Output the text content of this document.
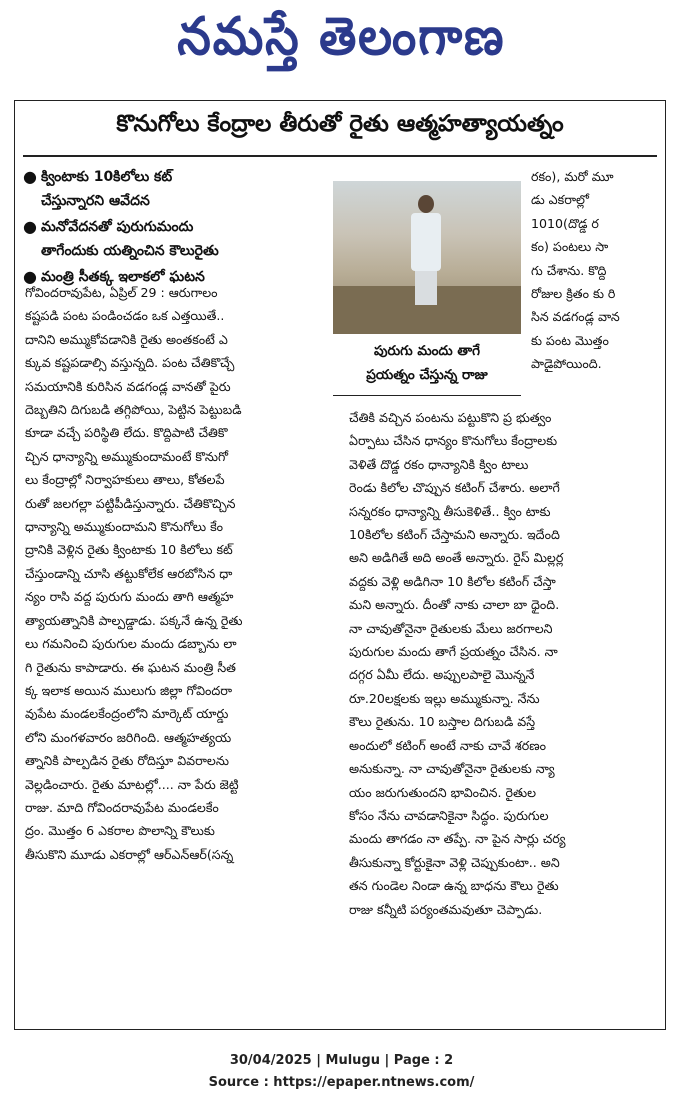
నమస్తే తెలంగాణ
కొనుగోలు కేంద్రాల తీరుతో రైతు ఆత్మహత్యాయత్నం
● క్వింటాకు 10కిలోలు కట్
చేస్తున్నారని ఆవేదన
● మనోవేదనతో పురుగుమందు
తాగేందుకు యత్నించిన కౌలురైతు
● మంత్రి సీతక్క ఇలాకలో ఘటన
పురుగు మందు తాగే
ప్రయత్నం చేస్తున్న రాజు
రకం), మరో మూ
డు ఎకరాల్లో
1010(దొడ్డ ర
కం) పంటలు సా
గు చేశాను. కొద్ది
రోజుల క్రితం కు రి
సిన వడగండ్ల వాన
కు పంట మొత్తం
పాడైపోయింది.
గోవిందరావుపేట, ఏప్రిల్ 29 : ఆరుగాలం
కష్టపడి పంట పండించడం ఒక ఎత్తయితే..
దానిని అమ్ముకోవడానికి రైతు అంతకంటే ఎ
క్కువ కష్టపడాల్సి వస్తున్నది. పంట చేతికొచ్చే
సమయానికి కురిసిన వడగండ్ల వానతో పైరు
దెబ్బతిని దిగుబడి తగ్గిపోయి, పెట్టిన పెట్టుబడి
కూడా వచ్చే పరిస్థితి లేదు. కొద్దిపాటి చేతికొ
చ్చిన ధాన్యాన్ని అమ్ముకుందామంటే కొనుగో
లు కేంద్రాల్లో నిర్వాహకులు తాలు, కోతలపే
రుతో జలగల్లా పట్టిపీడిస్తున్నారు. చేతికొచ్చిన
ధాన్యాన్ని అమ్ముకుందామని కొనుగోలు కేం
ద్రానికి వెళ్లిన రైతు క్వింటాకు 10 కిలోలు కట్
చేస్తుండాన్ని చూసి తట్టుకోలేక ఆరబోసిన ధా
న్యం రాసి వద్ద పురుగు మందు తాగి ఆత్మహ
త్యాయత్నానికి పాల్పడ్డాడు. పక్కనే ఉన్న రైతు
లు గమనించి పురుగుల మందు డబ్బాను లా
గి రైతును కాపాడారు. ఈ ఘటన మంత్రి సీత
క్క ఇలాక అయిన ములుగు జిల్లా గోవిందరా
వుపేట మండలకేంద్రంలోని మార్కెట్ యార్డు
లోని మంగళవారం జరిగింది. ఆత్మహత్యయ
త్నానికి పాల్పడిన రైతు రోదిస్తూ వివరాలను
వెల్లడించారు. రైతు మాటల్లో.... నా పేరు జెట్టి
రాజు. మాది గోవిందరావుపేట మండలకేం
ద్రం. మొత్తం 6 ఎకరాల పొలాన్ని కౌలుకు
తీసుకొని మూడు ఎకరాల్లో ఆర్ఎన్ఆర్(సన్న
చేతికి వచ్చిన పంటను పట్టుకొని ప్ర భుత్వం
ఏర్పాటు చేసిన ధాన్యం కొనుగోలు కేంద్రాలకు
వెళితే దొడ్డ రకం ధాన్యానికి క్విం టాలు
రెండు కిలోల చొప్పున కటింగ్ చేశారు. అలాగే
సన్నరకం ధాన్యాన్ని తీసుకెళితే.. క్విం టాకు
10కిలోల కటింగ్ చేస్తామని అన్నారు. ఇదేంది
అని అడిగితే అది అంతే అన్నారు. రైస్ మిల్లర్ల
వద్దకు వెళ్లి అడిగినా 10 కిలోల కటింగ్ చేస్తా
మని అన్నారు. దీంతో నాకు చాలా బా ధైంది.
నా చావుతోనైనా రైతులకు మేలు జరగాలని
పురుగుల మందు తాగే ప్రయత్నం చేసిన. నా
దగ్గర ఏమీ లేదు. అప్పులపాలై మొన్ననే
రూ.20లక్షలకు ఇల్లు అమ్ముకున్నా. నేను
కౌలు రైతును. 10 బస్తాల దిగుబడి వస్తే
అందులో కటింగ్ అంటే నాకు చావే శరణం
అనుకున్నా. నా చావుతోనైనా రైతులకు న్యా
యం జరుగుతుందని భావించిన. రైతుల
కోసం నేను చావడానికైనా సిద్ధం. పురుగుల
మందు తాగడం నా తప్పే. నా పైన సార్లు చర్య
తీసుకున్నా కోర్టుకైనా వెళ్లి చెప్పుకుంటా.. అని
తన గుండెల నిండా ఉన్న బాధను కౌలు రైతు
రాజు కన్నీటి పర్యంతమవుతూ చెప్పాడు.
30/04/2025 | Mulugu | Page : 2
Source : https://epaper.ntnews.com/
